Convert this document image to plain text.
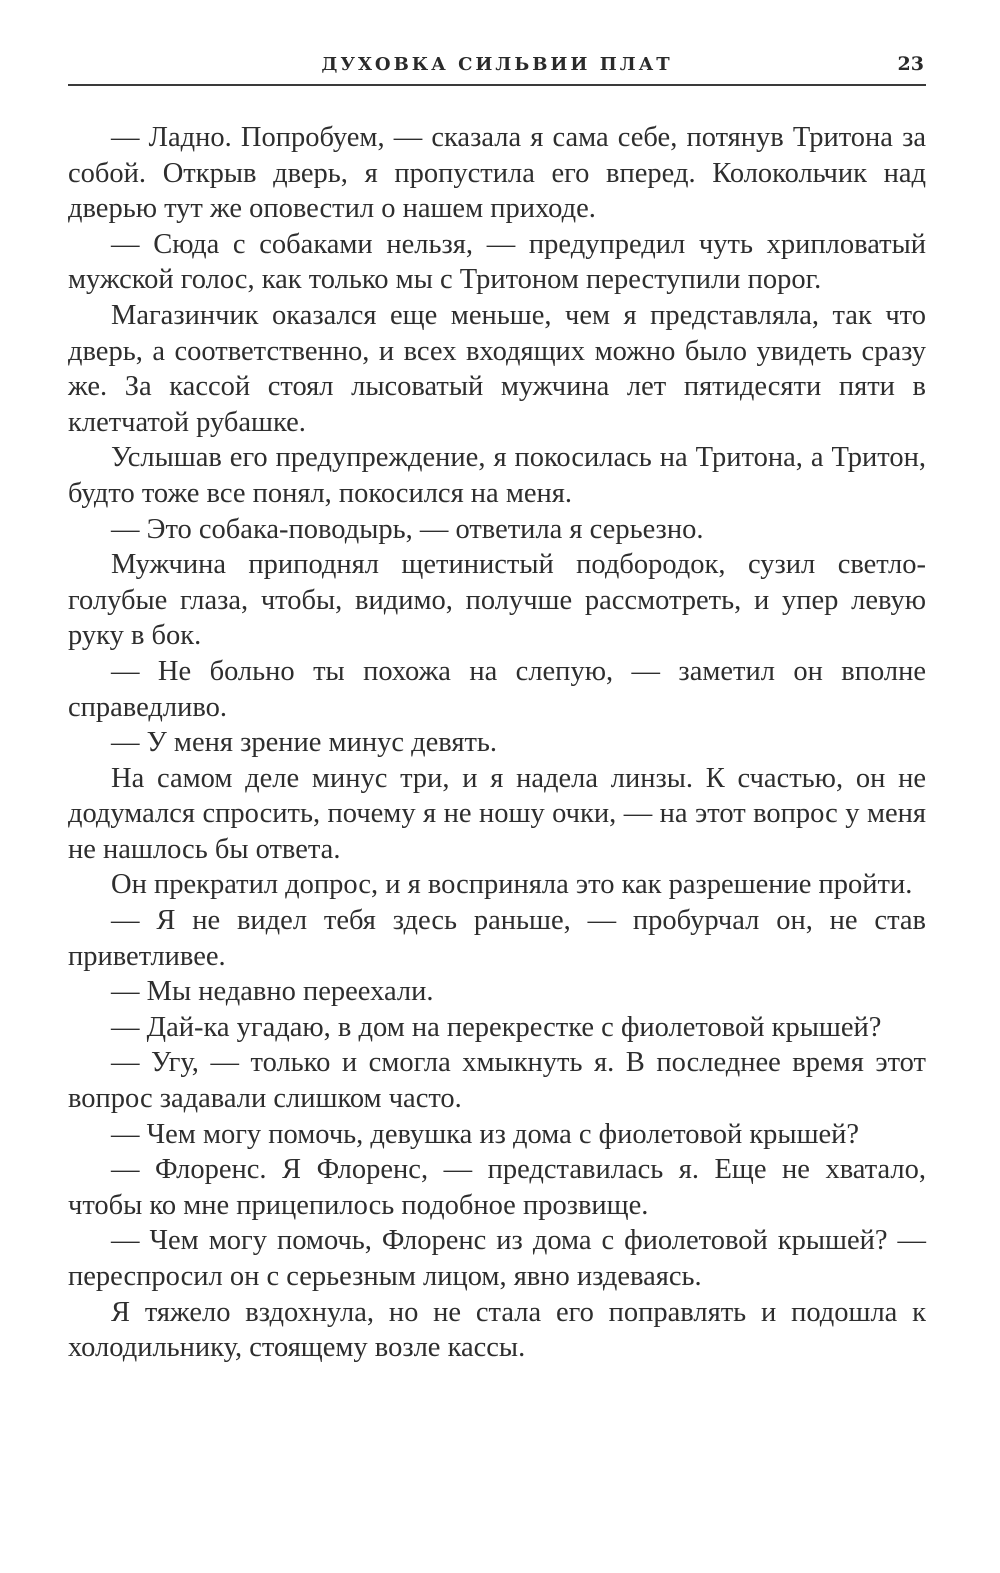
ДУХОВКА СИЛЬВИИ ПЛАТ	23

— Ладно. Попробуем, — сказала я сама себе, потянув Тритона за собой. Открыв дверь, я пропустила его вперед. Колокольчик над дверью тут же оповестил о нашем приходе.

— Сюда с собаками нельзя, — предупредил чуть хрипловатый мужской голос, как только мы с Тритоном переступили порог.

Магазинчик оказался еще меньше, чем я представляла, так что дверь, а соответственно, и всех входящих можно было увидеть сразу же. За кассой стоял лысоватый мужчина лет пятидесяти пяти в клетчатой рубашке.

Услышав его предупреждение, я покосилась на Тритона, а Тритон, будто тоже все понял, покосился на меня.

— Это собака-поводырь, — ответила я серьезно.

Мужчина приподнял щетинистый подбородок, сузил светло-голубые глаза, чтобы, видимо, получше рассмотреть, и упер левую руку в бок.

— Не больно ты похожа на слепую, — заметил он вполне справедливо.

— У меня зрение минус девять.

На самом деле минус три, и я надела линзы. К счастью, он не додумался спросить, почему я не ношу очки, — на этот вопрос у меня не нашлось бы ответа.

Он прекратил допрос, и я восприняла это как разрешение пройти.

— Я не видел тебя здесь раньше, — пробурчал он, не став приветливее.

— Мы недавно переехали.

— Дай-ка угадаю, в дом на перекрестке с фиолетовой крышей?

— Угу, — только и смогла хмыкнуть я. В последнее время этот вопрос задавали слишком часто.

— Чем могу помочь, девушка из дома с фиолетовой крышей?

— Флоренс. Я Флоренс, — представилась я. Еще не хватало, чтобы ко мне прицепилось подобное прозвище.

— Чем могу помочь, Флоренс из дома с фиолетовой крышей? — переспросил он с серьезным лицом, явно издеваясь.

Я тяжело вздохнула, но не стала его поправлять и подошла к холодильнику, стоящему возле кассы.
